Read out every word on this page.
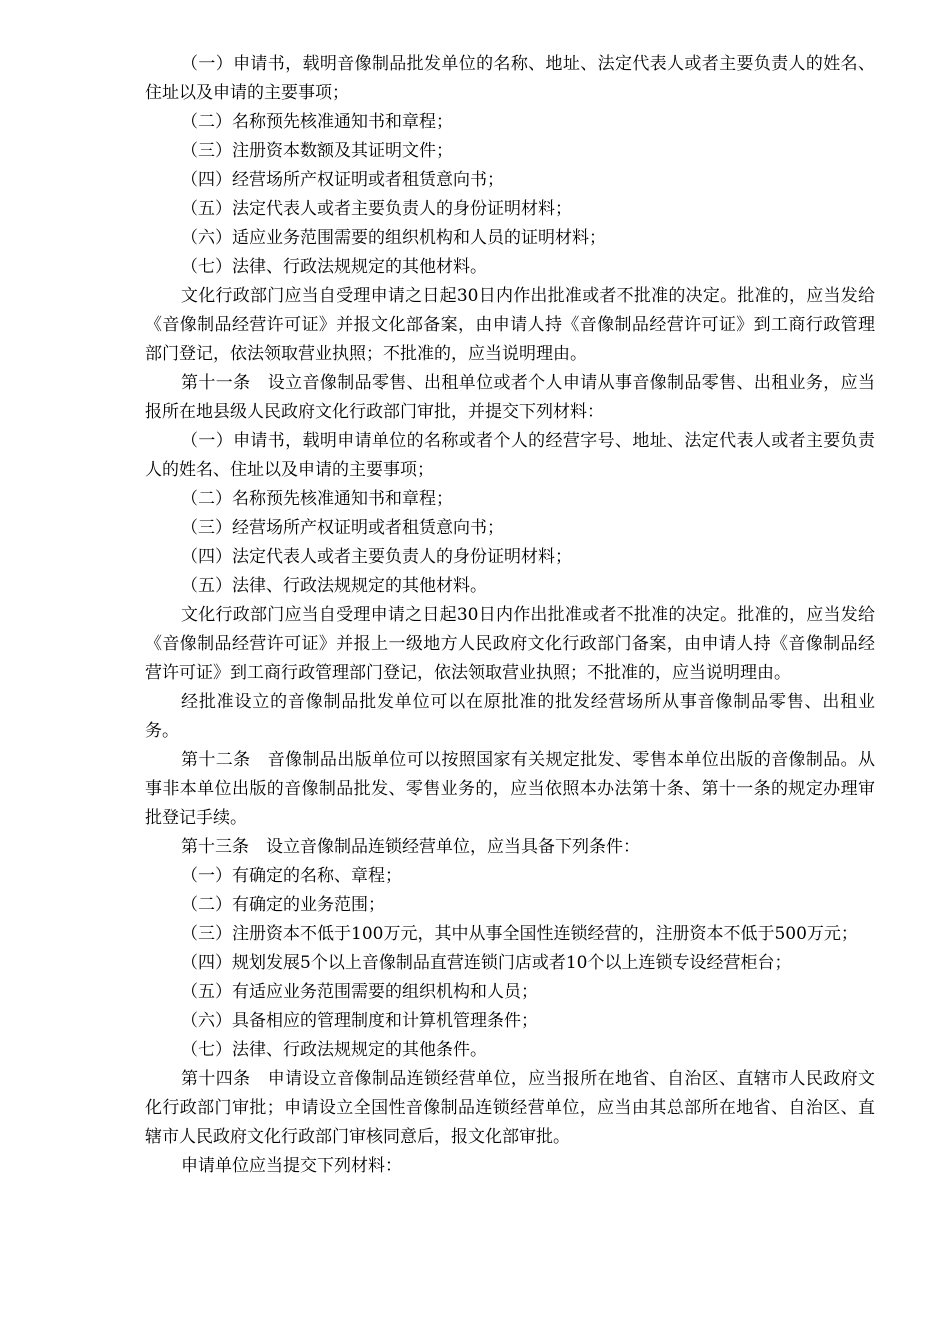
（一）申请书，载明音像制品批发单位的名称、地址、法定代表人或者主要负责人的姓名、住址以及申请的主要事项；

（二）名称预先核准通知书和章程；

（三）注册资本数额及其证明文件；

（四）经营场所产权证明或者租赁意向书；

（五）法定代表人或者主要负责人的身份证明材料；

（六）适应业务范围需要的组织机构和人员的证明材料；

（七）法律、行政法规规定的其他材料。

文化行政部门应当自受理申请之日起30日内作出批准或者不批准的决定。批准的，应当发给《音像制品经营许可证》并报文化部备案，由申请人持《音像制品经营许可证》到工商行政管理部门登记，依法领取营业执照；不批准的，应当说明理由。

第十一条　设立音像制品零售、出租单位或者个人申请从事音像制品零售、出租业务，应当报所在地县级人民政府文化行政部门审批，并提交下列材料：

（一）申请书，载明申请单位的名称或者个人的经营字号、地址、法定代表人或者主要负责人的姓名、住址以及申请的主要事项；

（二）名称预先核准通知书和章程；

（三）经营场所产权证明或者租赁意向书；

（四）法定代表人或者主要负责人的身份证明材料；

（五）法律、行政法规规定的其他材料。

文化行政部门应当自受理申请之日起30日内作出批准或者不批准的决定。批准的，应当发给《音像制品经营许可证》并报上一级地方人民政府文化行政部门备案，由申请人持《音像制品经营许可证》到工商行政管理部门登记，依法领取营业执照；不批准的，应当说明理由。

经批准设立的音像制品批发单位可以在原批准的批发经营场所从事音像制品零售、出租业务。

第十二条　音像制品出版单位可以按照国家有关规定批发、零售本单位出版的音像制品。从事非本单位出版的音像制品批发、零售业务的，应当依照本办法第十条、第十一条的规定办理审批登记手续。

第十三条　设立音像制品连锁经营单位，应当具备下列条件：

（一）有确定的名称、章程；

（二）有确定的业务范围；

（三）注册资本不低于100万元，其中从事全国性连锁经营的，注册资本不低于500万元；

（四）规划发展5个以上音像制品直营连锁门店或者10个以上连锁专设经营柜台；

（五）有适应业务范围需要的组织机构和人员；

（六）具备相应的管理制度和计算机管理条件；

（七）法律、行政法规规定的其他条件。

第十四条　申请设立音像制品连锁经营单位，应当报所在地省、自治区、直辖市人民政府文化行政部门审批；申请设立全国性音像制品连锁经营单位，应当由其总部所在地省、自治区、直辖市人民政府文化行政部门审核同意后，报文化部审批。

申请单位应当提交下列材料：
